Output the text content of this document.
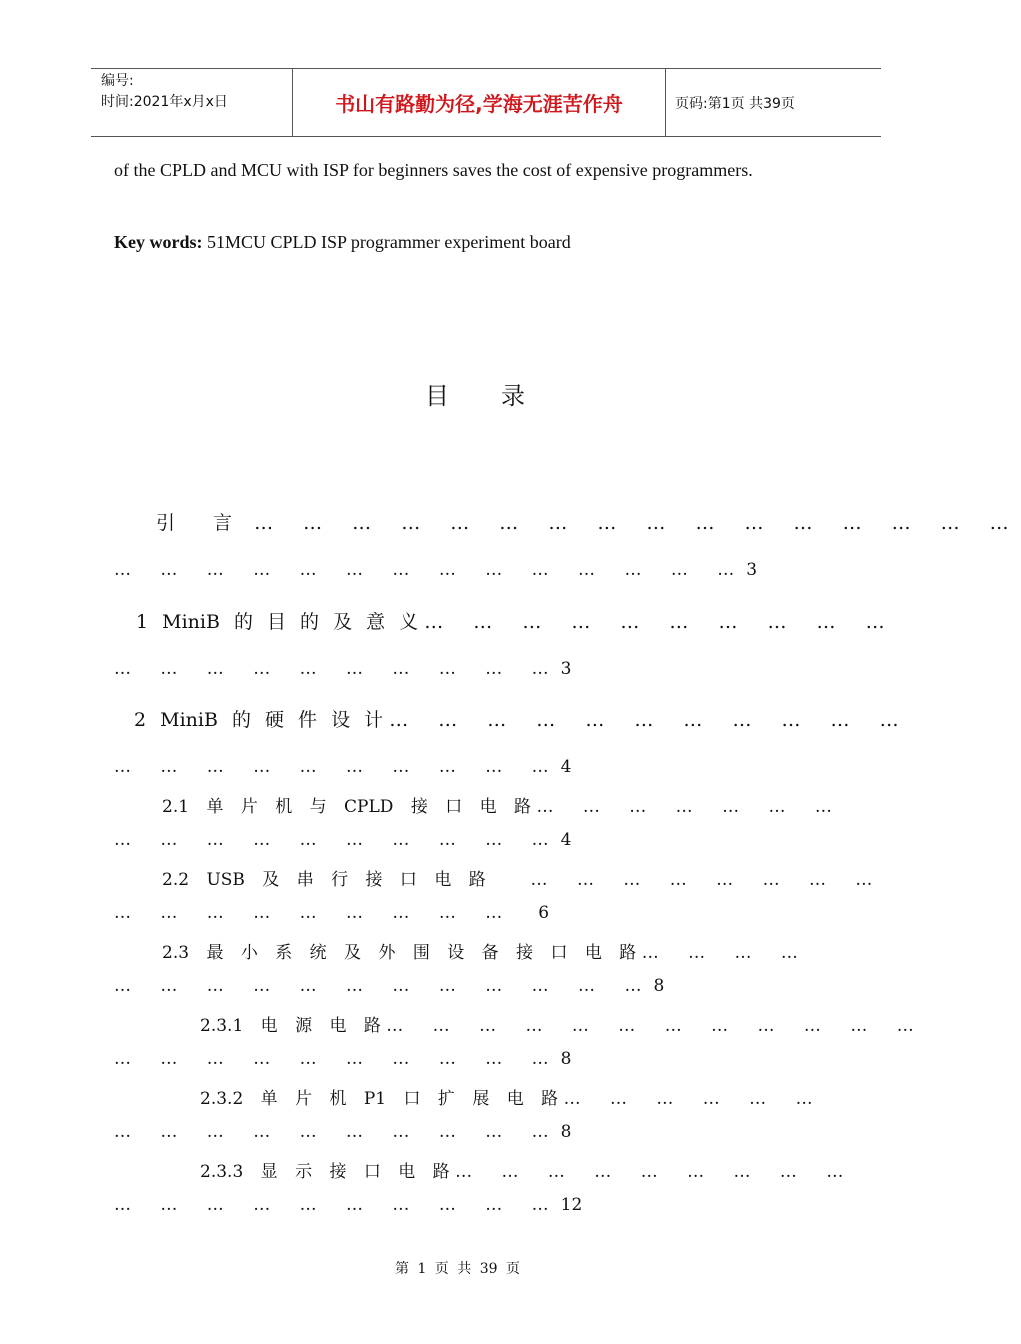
编号:
时间:2021年x月x日	书山有路勤为径,学海无涯苦作舟	页码:第1页 共39页
of the CPLD and MCU with ISP for beginners saves the cost of expensive programmers.
Key words: 51MCU CPLD ISP programmer experiment board
目录
引 言 … … … … … … … … … … … … … … … …
… … … … … … … … … … … … … …3
1 MiniB 的 目 的 及 意 义 … … … … … … … … … …
… … … … … … … … … …3
2 MiniB 的 硬 件 设 计 … … … … … … … … … … …
… … … … … … … … … …4
2.1 单 片 机 与 CPLD 接 口 电 路 … … … … … … …
… … … … … … … … … …4
2.2 USB 及 串 行 接 口 电 路	… … … … … … … …
… … … … … … … … … 6
2.3 最 小 系 统 及 外 围 设 备 接 口 电 路 … … … …
… … … … … … … … … … … …8
2.3.1 电 源 电 路 … … … … … … … … … … … …
… … … … … … … … … …8
2.3.2 单 片 机 P1 口 扩 展 电 路 … … … … … …
… … … … … … … … … …8
2.3.3 显 示 接 口 电 路 … … … … … … … … …
… … … … … … … … … …12
第 1 页 共 39 页
